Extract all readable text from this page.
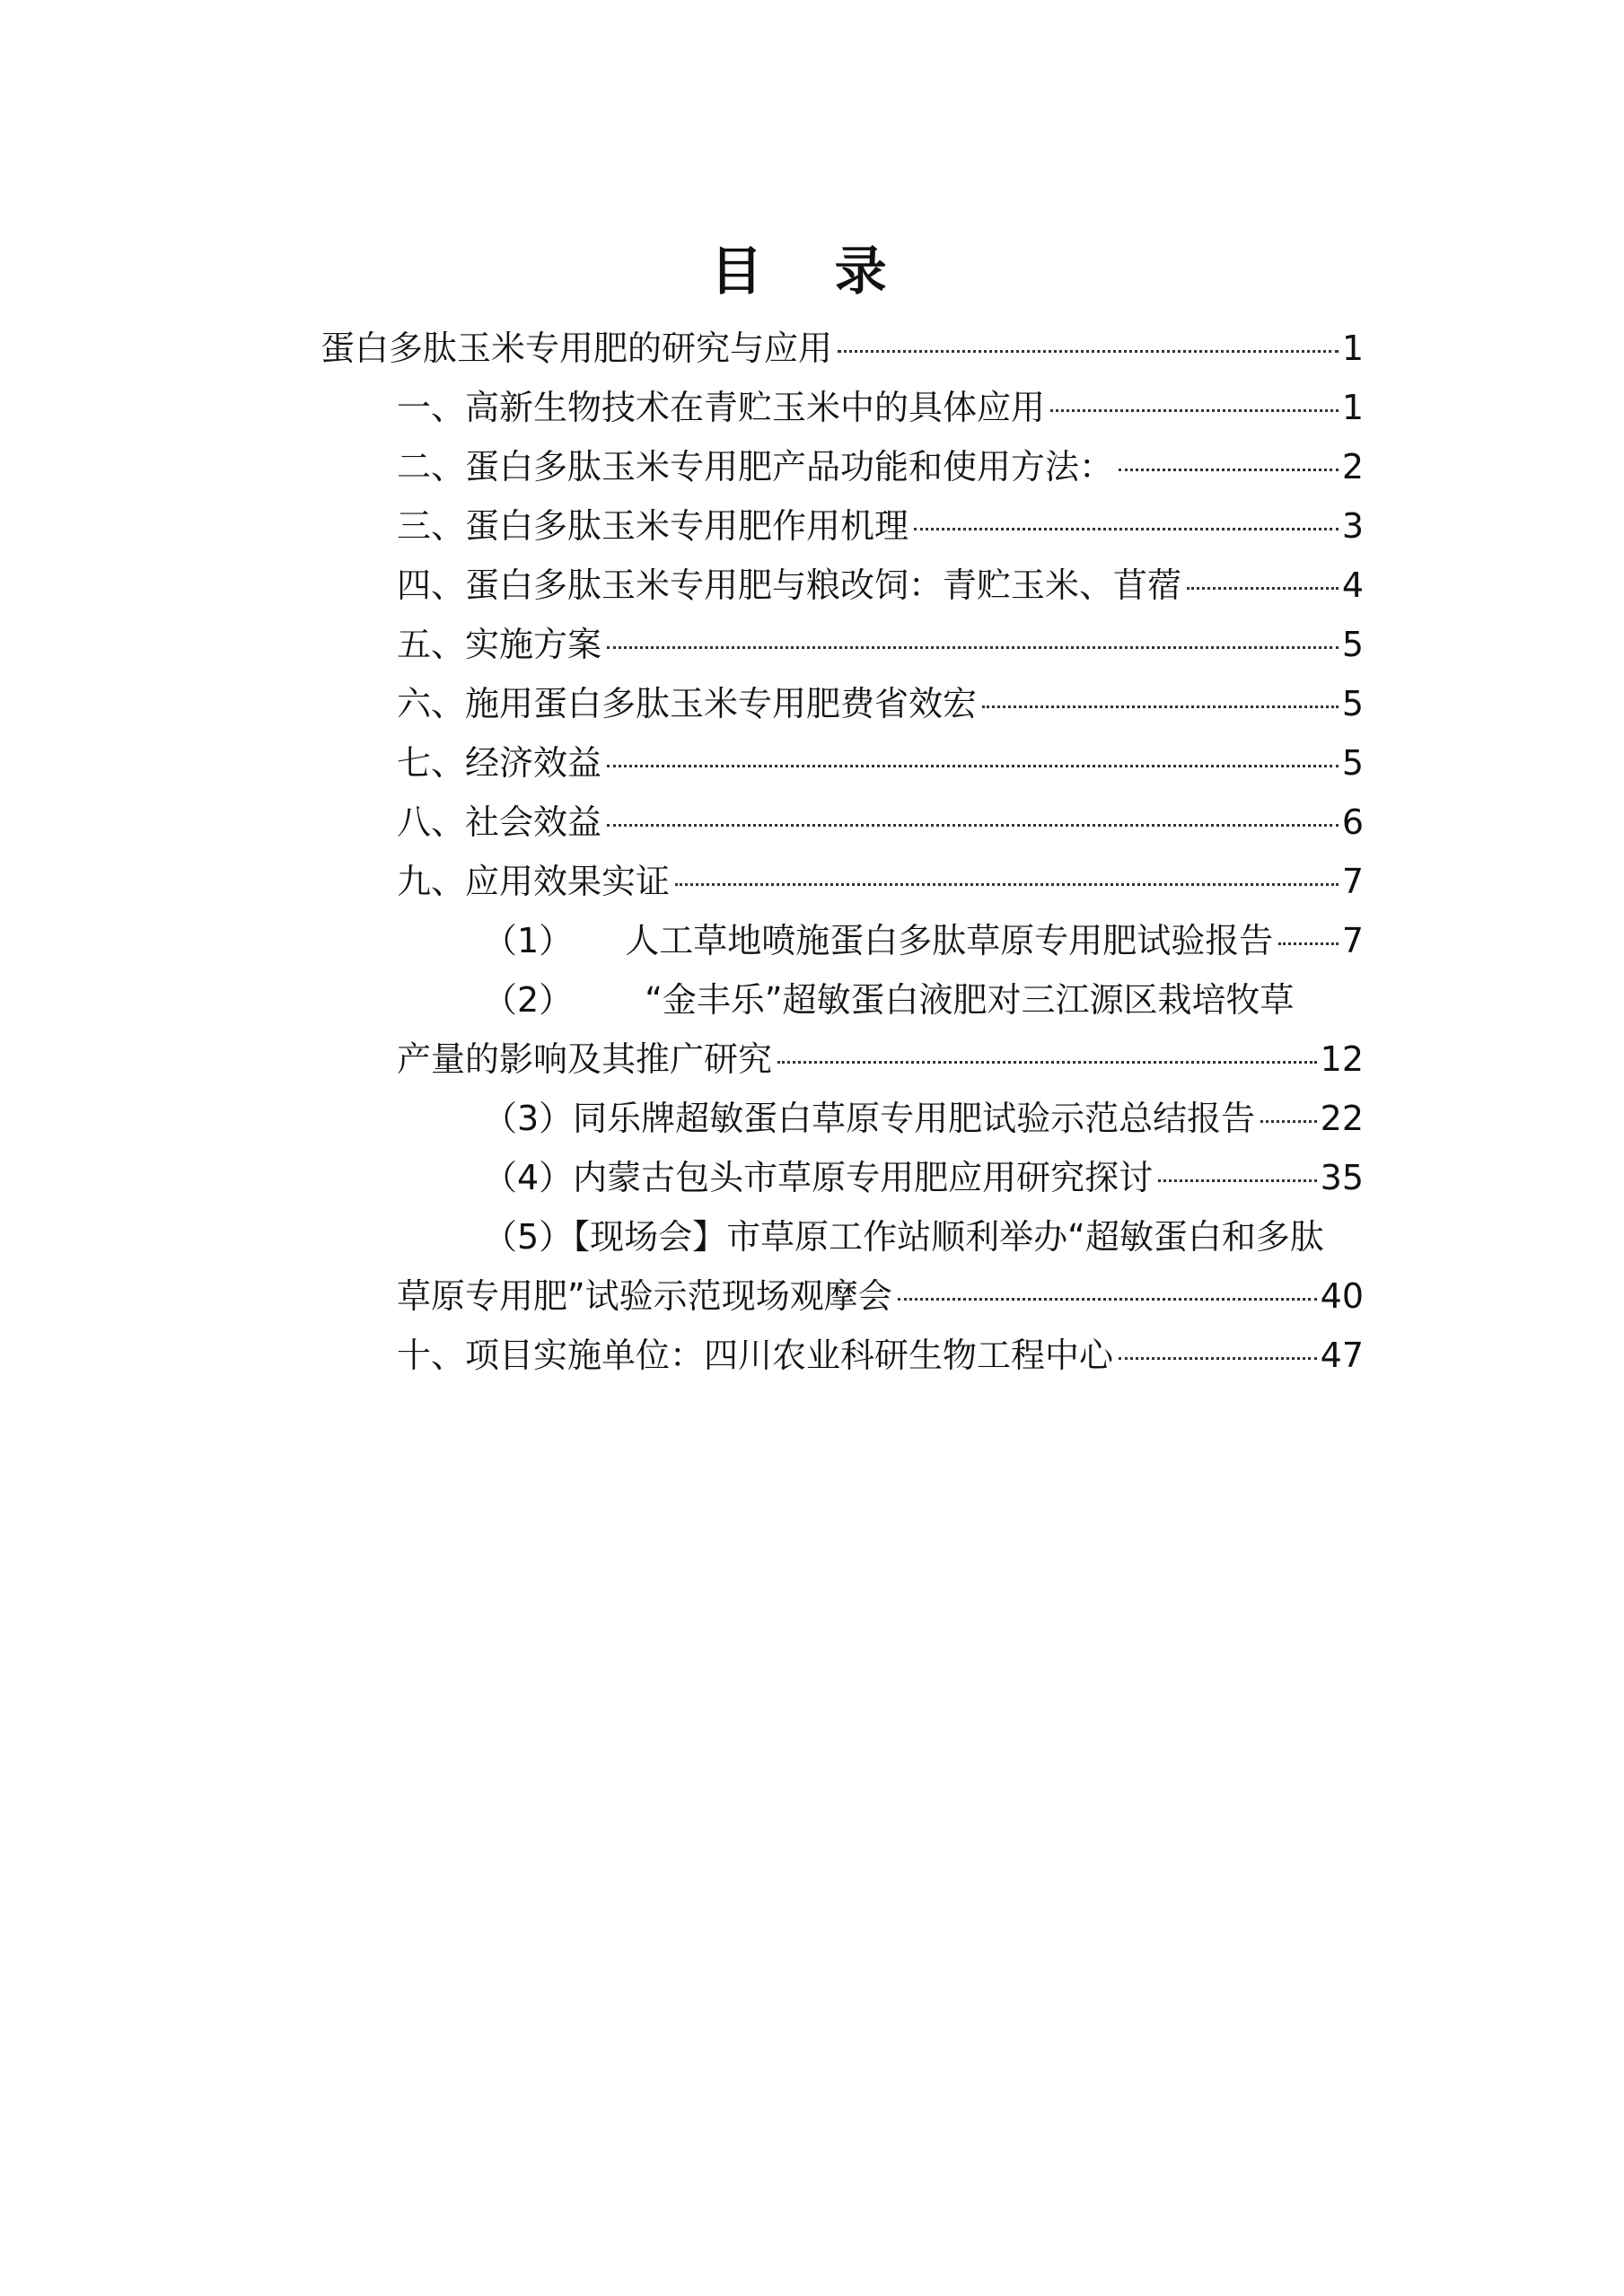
目 录
蛋白多肽玉米专用肥的研究与应用	1
一、高新生物技术在青贮玉米中的具体应用	1
二、蛋白多肽玉米专用肥产品功能和使用方法：	2
三、蛋白多肽玉米专用肥作用机理	3
四、蛋白多肽玉米专用肥与粮改饲：青贮玉米、苜蓿	4
五、实施方案	5
六、施用蛋白多肽玉米专用肥费省效宏	5
七、经济效益	5
八、社会效益	6
九、应用效果实证	7
（1） 人工草地喷施蛋白多肽草原专用肥试验报告 7
（2） “金丰乐”超敏蛋白液肥对三江源区栽培牧草
产量的影响及其推广研究	12
（3）同乐牌超敏蛋白草原专用肥试验示范总结报告 22
（4）内蒙古包头市草原专用肥应用研究探讨	35
（5）【现场会】市草原工作站顺利举办“超敏蛋白和多肽
草原专用肥”试验示范现场观摩会	40
十、项目实施单位：四川农业科研生物工程中心	47
